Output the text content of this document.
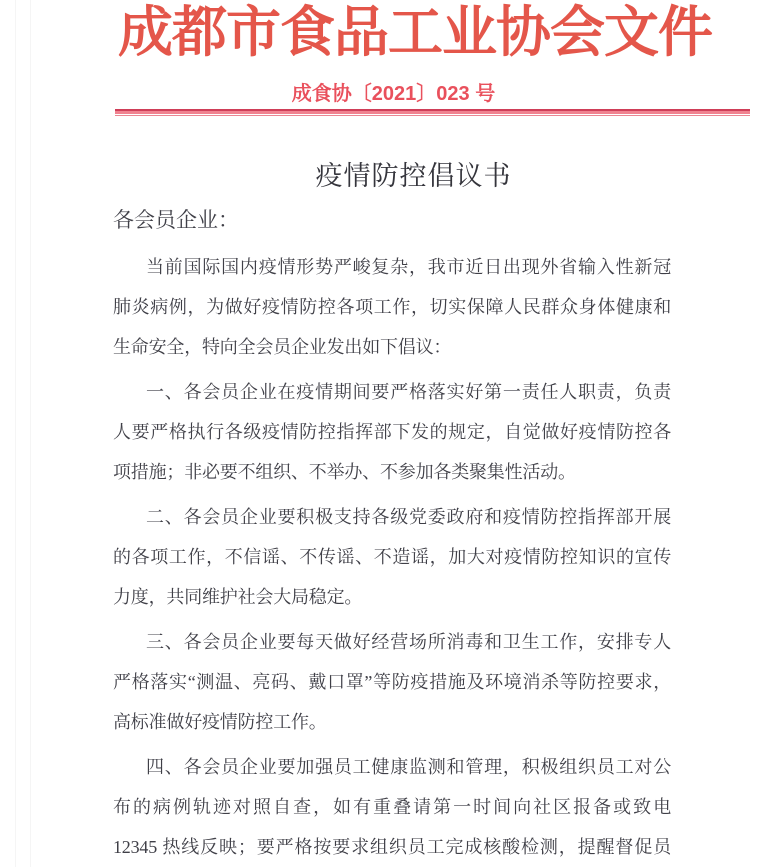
成都市食品工业协会文件
成食协〔2021〕023 号
疫情防控倡议书
各会员企业：
当前国际国内疫情形势严峻复杂，我市近日出现外省输入性新冠
肺炎病例，为做好疫情防控各项工作，切实保障人民群众身体健康和
生命安全，特向全会员企业发出如下倡议：
一、各会员企业在疫情期间要严格落实好第一责任人职责，负责
人要严格执行各级疫情防控指挥部下发的规定，自觉做好疫情防控各
项措施；非必要不组织、不举办、不参加各类聚集性活动。
二、各会员企业要积极支持各级党委政府和疫情防控指挥部开展
的各项工作，不信谣、不传谣、不造谣，加大对疫情防控知识的宣传
力度，共同维护社会大局稳定。
三、各会员企业要每天做好经营场所消毒和卫生工作，安排专人
严格落实“测温、亮码、戴口罩”等防疫措施及环境消杀等防控要求，
高标准做好疫情防控工作。
四、各会员企业要加强员工健康监测和管理，积极组织员工对公
布的病例轨迹对照自查，如有重叠请第一时间向社区报备或致电
12345 热线反映；要严格按要求组织员工完成核酸检测，提醒督促员
